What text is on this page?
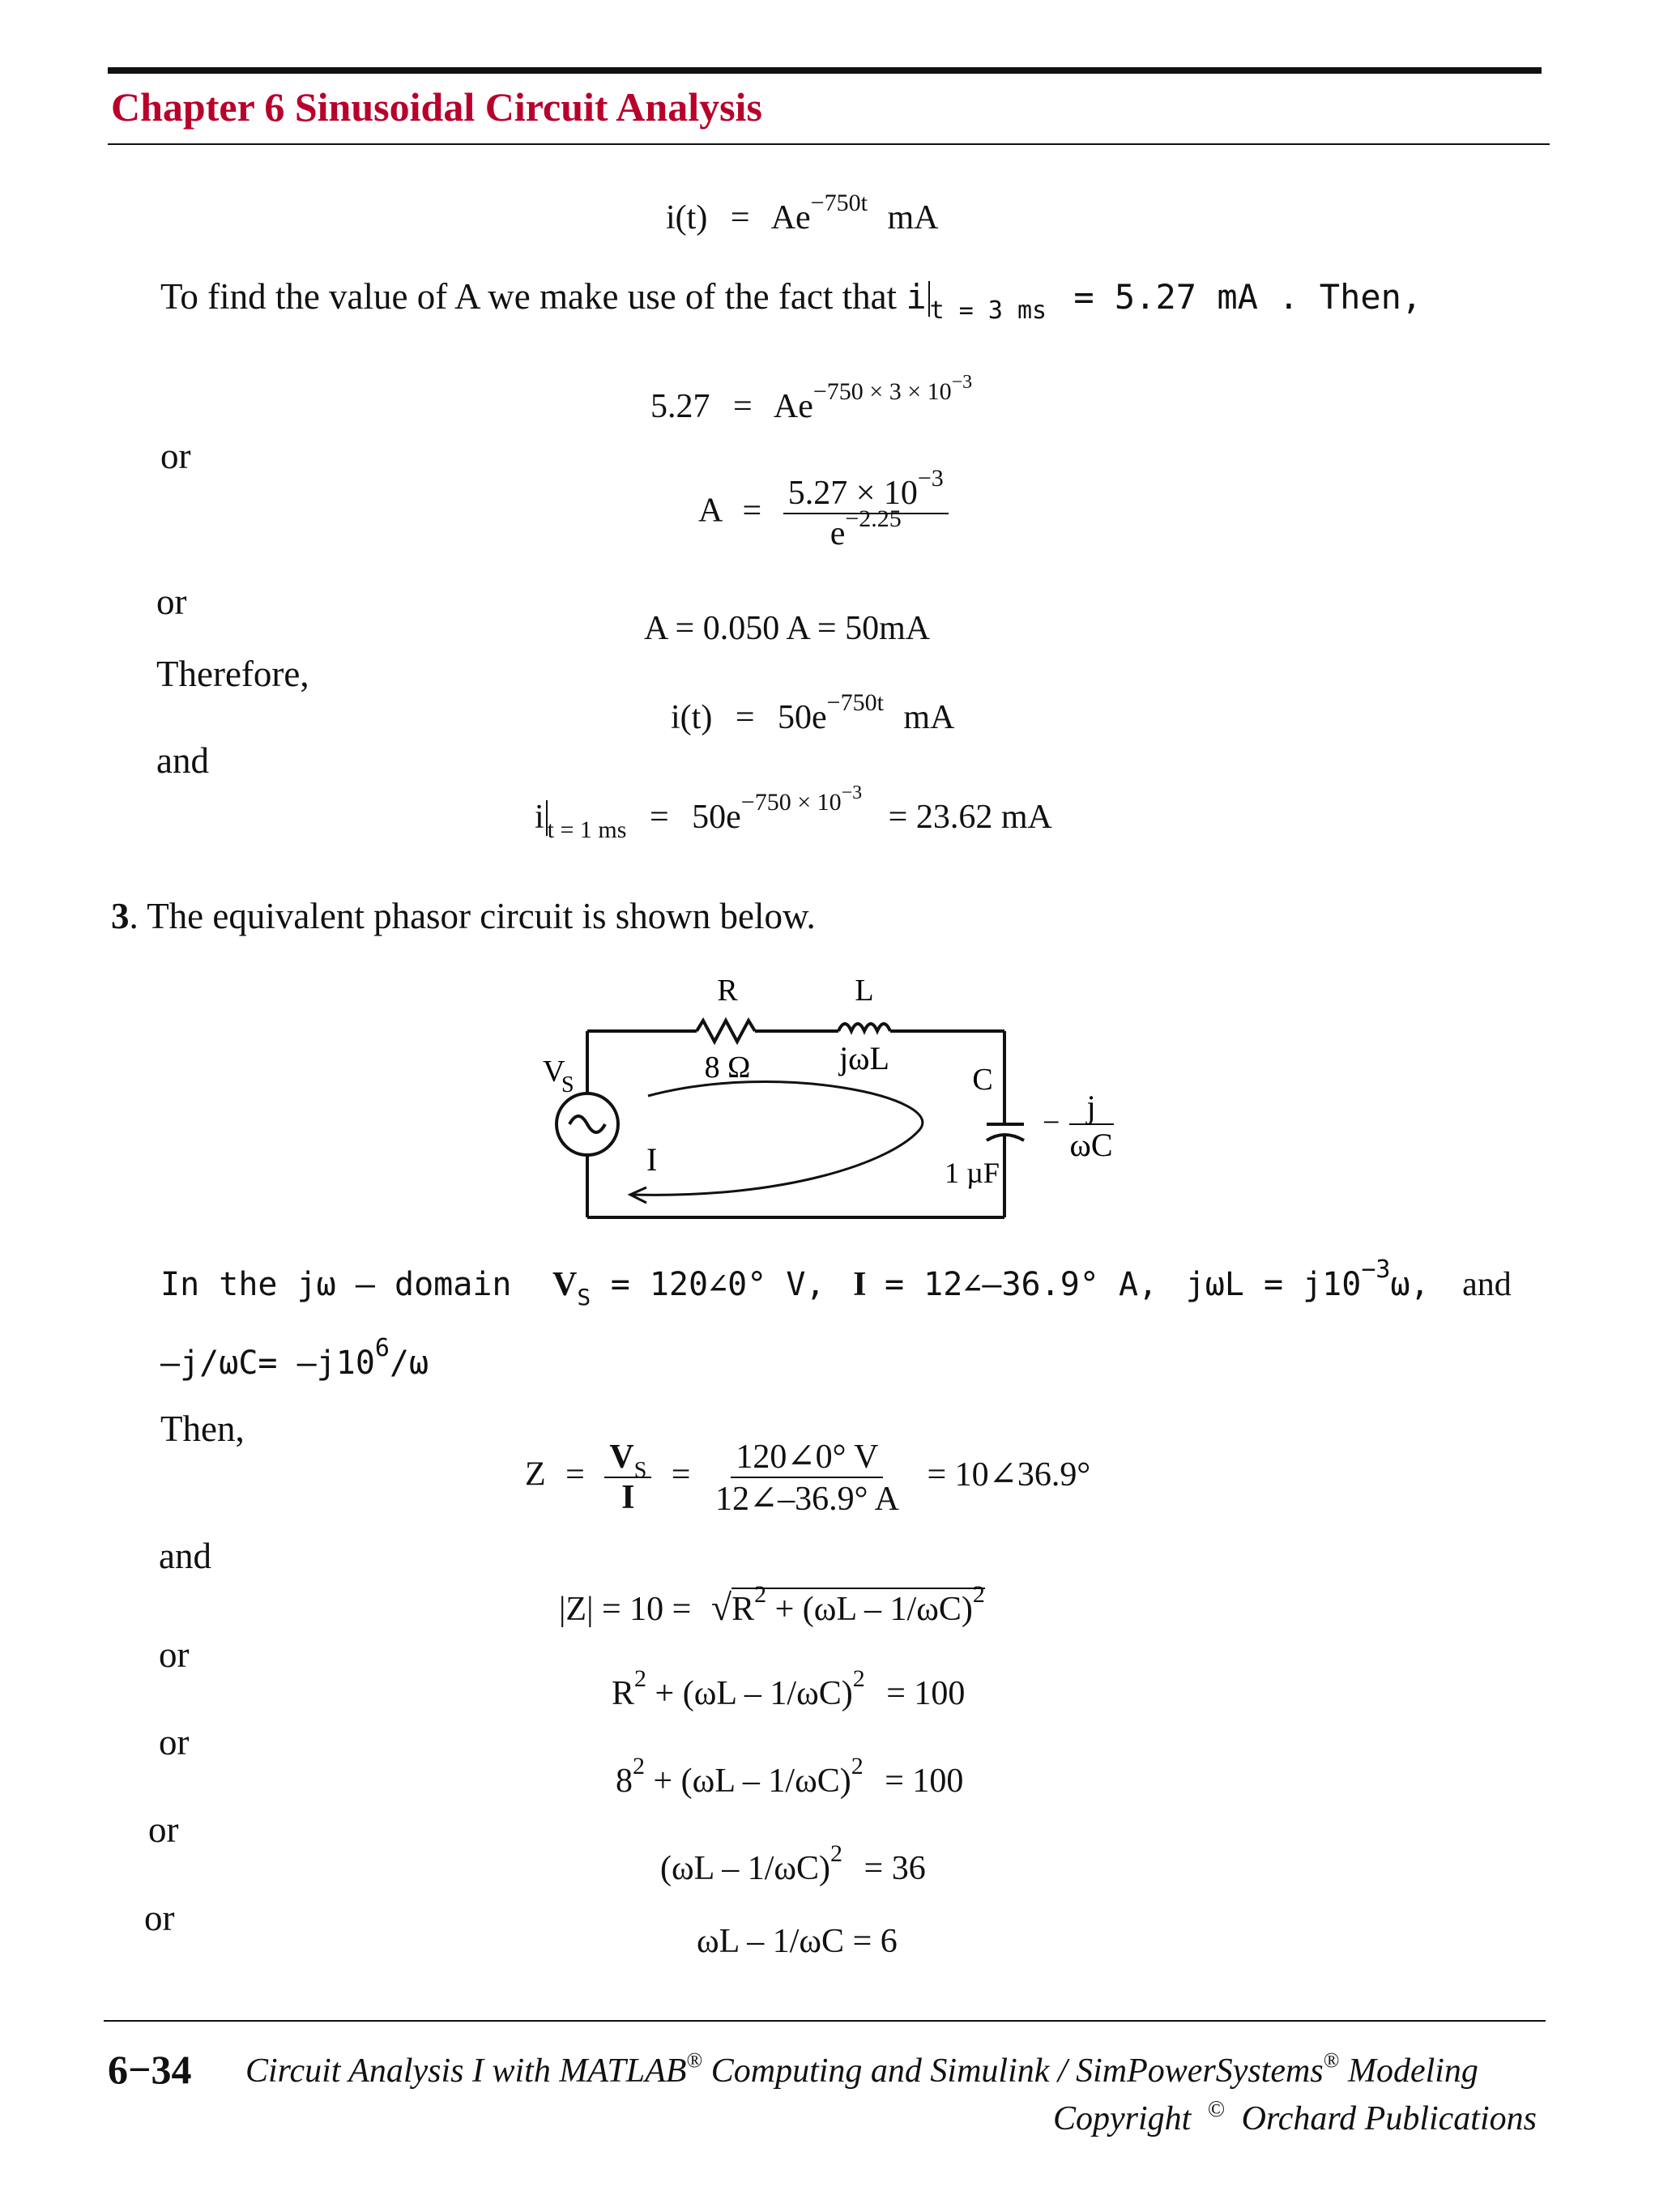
Chapter 6 Sinusoidal Circuit Analysis
$i(t) = Ae^{-750t}$ mA
To find the value of A we make use of the fact that i $_{t = 3 ms}$ = 5.27 mA . Then,
$5.27 = Ae^{-750 \times 3 \times 10-3}$
or
$A = \frac{5.27 \times 10^{-3}}{e^{-2.25}}$
or
A = 0.050 A = 50mA
Therefore,
$i(t) = 50e^{-750t}$ mA
and
i $_{t = 1 ms} = 50e^{-750 \times 10-3} = 23.62$ mA
3. The equivalent phasor circuit is shown below.
R
8 Ω
L
jωL
C
1 µF
− j
ωC
V
S
I
In the jω – domain $V_S$ = 120∠0° V, I = 12∠–36.9° A, $j\omega L = j10^{-3}\omega$, and
$-j/\omega C= -j10^6/\omega$
Then,
$Z = \frac{V_S}{I} = \frac{120\angle 0^\circ V}{12\angle-36.9^\circ A}$ = 10∠36.9°
and
$|Z| = 10 = √R^2 + (\omega L - 1/\omega C)^2$
or
$R^2 + (\omega L - 1/\omega C)^2 = 100$
or
$8^2 + (\omega L - 1/\omega C)^2 = 100$
or
(ωL – 1/ωC)$^2$ = 36
or
ωL – 1/ωC = 6
6−34 Circuit Analysis I with MATLAB® Computing and Simulink / SimPowerSystems® Modeling
Copyright © Orchard Publications
